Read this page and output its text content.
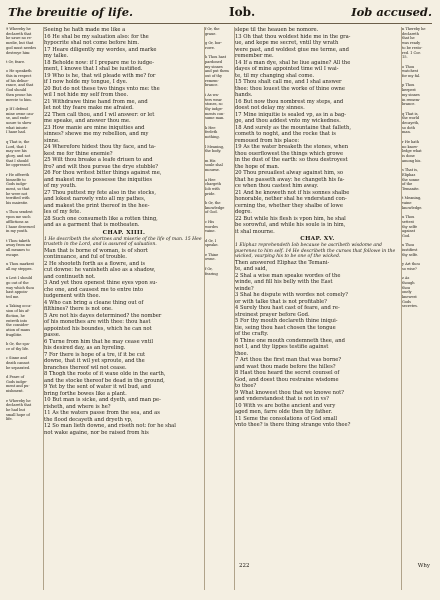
The breuitie of life.	Iob.	Iob accused.
9 Whereby he
declareth that
he sawe no re-
medie, but that
god must needes
destroye him:

t Or, feare.

o He speaketh
this in respect
of his deliue-
rance, and that
God should
then proue his
mercie to him.

p If I defend
mine owne cau-
se, and ende-
uoure to shew
what iniurie
I haue had.

q That is, the
Lord, that I
may see his
glory, and not
that I should
be oppressed.

r He offereth
himselfe to
Gods iudge-
ment, so that
he were not
terrified with
his maiestie.

s Thou sendest
vpon me such
afflictions as
I haue deserued
in my youth.

t Thou taketh
away from me
all meanes to
escape.

u Thou markest
all my steppes.

x Lest I should
go out of the
way which thou
hast appoin-
ted me.

a Taking occa-
sion of his af-
fliction, he
entreth into
the consider-
ation of mans
fragilitie.

b Or, the spa-
ce of thy life.

c Sinne and
death cannot
be separated.

d Feare of
Gods iudge-
ment and pu-
nishment.

e Whereby he
declareth that
he had but
small hope of
life.
Seeing he hath made me like a
16 He shal be my saluation also: for the
hypocrite shal not come before him.
17 Heare diligently my wordes, and marke
my talke.
18 Beholde now: if I prepare me to iudge-
ment, I knowe that I shal be iustified.
19 Who is he, that wil pleade with me? for
if I now holde my tongue, I dye.
20 But do not these two things vnto me: the
wil I not hide my self from thee.
21 Withdrawe thine hand from me, and
let not thy feare make me afraied.
22 Then call thou, and I wil answer: or let
me speake, and answer thou me.
23 How manie are mine iniquities and
sinnes? shewe me my rebellion, and my
sinne.
24 Wherefore hidest thou thy face, and ta-
kest me for thine enemie?
25 Wilt thou breake a leafe driuen to and
fro? and wilt thou pursue the drye stubble?
26 For thou writest bitter things against me,
and makest me to possesse the iniquities
of my youth.
27 Thou puttest my fete also in the stocks,
and lokest narowly vnto all my pathes,
and makest the print thereof in the hee-
les of my fete.
28 Such one consumeth like a rotten thing,
and as a garment that is motheaten.
CHAP. XIIII.
1 He describeth the shortnes and miserie of the life of man. 15 Hee trusteth in the Lord, and is assured of saluation.
Man that is borne of woman, is of short
continuance, and ful of trouble.
2 He shooteth forth as a flowre, and is
cut downe: he vanisheth also as a shadow,
and continueth not.
3 And yet thou openest thine eyes vpon su-
che one, and causest me to entre into
iudgement with thee.
4 Who can bring a cleane thing out of
filthines? there is not one.
5 Are not his dayes determined? the nomber
of his monethes are with thee: thou hast
appointed his boundes, which he can not
passe.
6 Turne from him that he may cease vntil
his desired day, as an hyreling.
7 For there is hope of a tre, if it be cut
downe, that it wil yet sproute, and the
branches thereof wil not cease.
8 Thogh the roote of it waxe olde in the earth,
and the stocke thereof be dead in the ground,
9 Yet by the sent of water it wil bud, and
bring forthe bowes like a plant.
10 But man is sicke, and dyeth, and man pe-
risheth, and where is he?
11 As the waters passe from the sea, and as
the flood decayeth and dryeth vp,
12 So man lieth downe, and riseth not: for he shal
not wake againe, nor be raised from his
f Or, the
graue.

g Or, bor-
rowe.

h Thou hast
pardoned
my sinnes
and put them
out of thy
remem-
brance.

i As wa-
ters wear
stones, so
thy iudge-
ments con-
sume man.

k Hee
feeleth
nothing.

l Meaning,
the body.

m His
soule shal
mourne.

a Hee
chargeth
Iob with
pride.

b Or, the
knowledge
of God.

c His
wordes
vaine.

d Or, I
speake.

e Thine
owne.

f Or,
fearing
slepe til the heauen be nomore.
13 Oh that thou woldest hide me in the gra-
ue, and kepe me secret, vntil thy wrath
were past, and woldest giue me terme, and
remember me.
14 If a man dye, shal he liue againe? All the
dayes of mine appointed time wil I wai-
te, til my changing shal come.
15 Thou shalt call me, and I shal answer
thee: thou louest the worke of thine owne
hands.
16 But now thou nombrest my steps, and
doest not delay my sinnes.
17 Mine iniquitie is sealed vp, as in a bag-
ge, and thou addest vnto my wickednes.
18 And surely as the mountaine that falleth,
cometh to noght, and the rocke that is
remoued from his place:
19 As the water breaketh the stones, when
thou ouerflowest the things which growe
in the dust of the earth: so thou destroyest
the hope of man.
20 Thou preuailest alway against him, so
that he passeth away: he changeth his fa-
ce when thou castest him away.
21 And he knoweth not if his sonnes shalbe
honorable, nether shal he vnderstand con-
cerning the, whether they shalbe of lowe
degre.
22 But while his flesh is vpon him, he shal
be sorowful, and while his soule is in him,
it shal mourne.
CHAP. XV.
1 Eliphaz reprehendeth Iob because he ascribeth wisdome and puerenes to him self. 14 He describeth the curses that followe in the wicked, vsurping his to be one of the wicked.
Then answered Eliphaz the Temani-
te, and said,
2 Shal a wise man speake wordes of the
winde, and fill his belly with the East
winde?
3 Shal he dispute with wordes not comely?
or with talke that is not profitable?
4 Surely thou hast cast of feare, and re-
streinest prayer before God.
5 For thy mouth declareth thine iniqui-
tie, seing thou hast chosen the tongue
of the crafty.
6 Thine one mouth condemneth thee, and
not I, and thy lippes testifie against
thee.
7 Art thou the first man that was borne?
and wast thou made before the hilles?
8 Hast thou heard the secret counsel of
God, and doest thou restraine wisdome
to thee?
9 What knowest thou that we knowe not?
and vnderstandest that is not in vs?
10 With vs are bothe ancient and very
aged men, farre olde then thy father.
11 Seme the consolations of God small
vnto thee? is there thing strange vnto thee?
n Thereby he
declareth
that he
was ready
to be resto-
red. 1 Cor.
15.

o Thou
watchest
for my fal.

p Thou
keepest
my sinnes
in remem-
brance.

q That is,
the world
decayeth,
so doth
man.

r He hath
no know-
ledge what
is done
among his.

s That is,
Eliphaz
the sonne
of the
Temanite.

t Meaning,
vaine
knowledge.

u Thou
settest
thy selfe
against
God.

x Thou
iustifiest
thy selfe.

y Art thou
so wise?

z As
though
thou
onely
knewest
Gods
secretes.
222	Why
